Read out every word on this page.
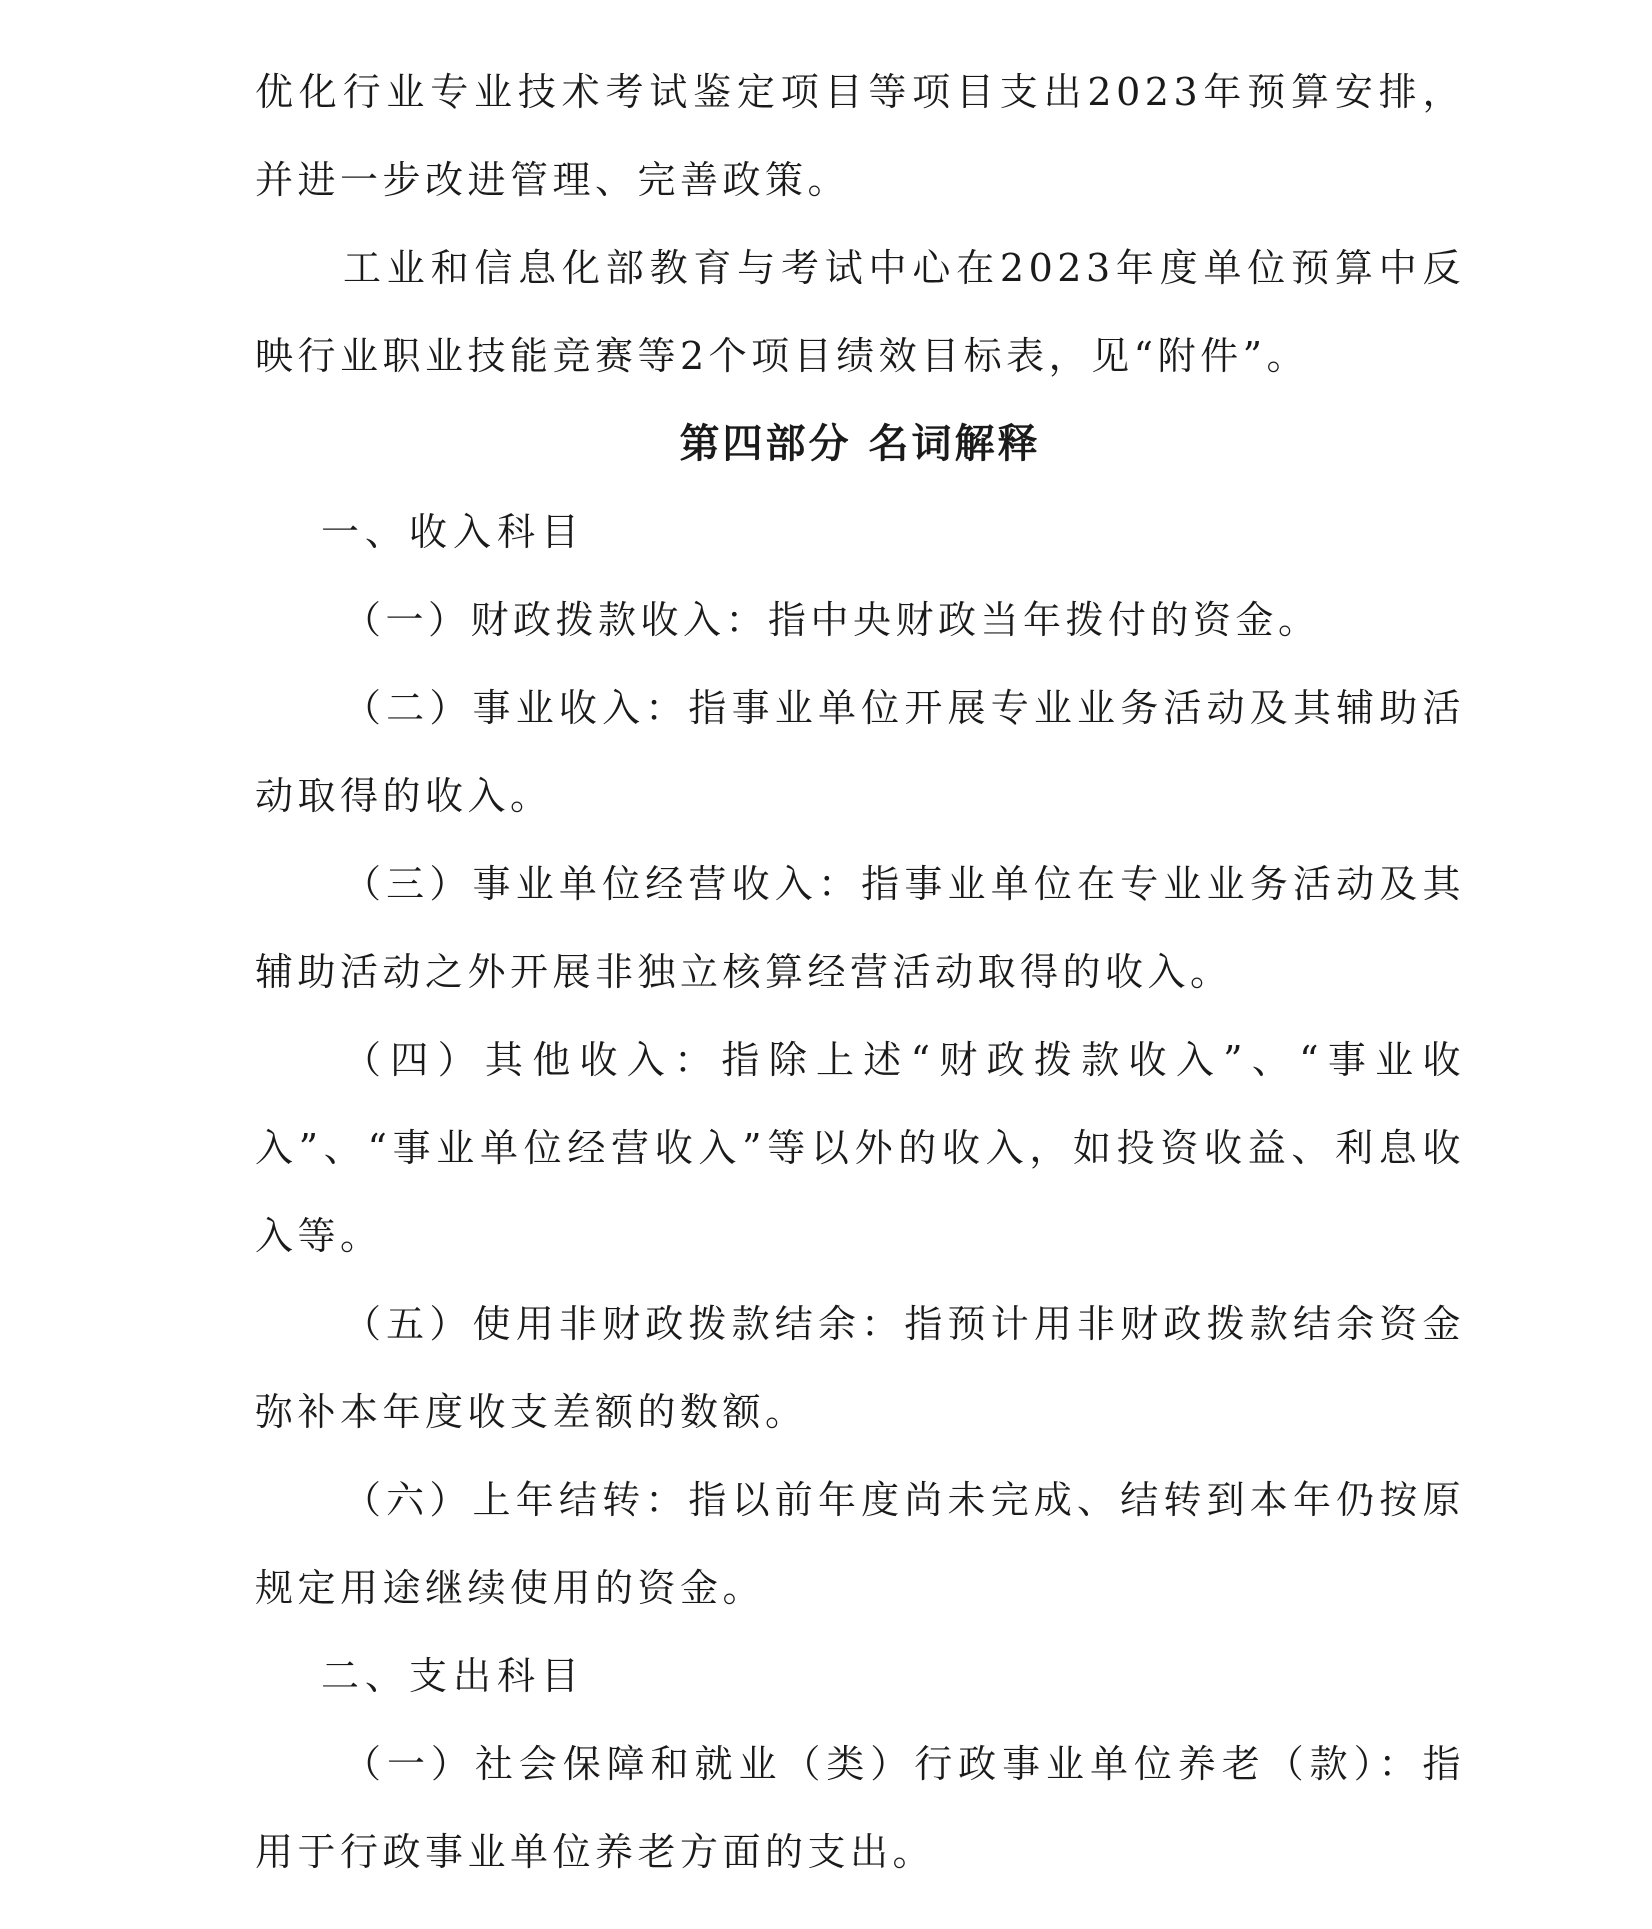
优化行业专业技术考试鉴定项目等项目支出2023年预算安排，并进一步改进管理、完善政策。

工业和信息化部教育与考试中心在2023年度单位预算中反映行业职业技能竞赛等2个项目绩效目标表，见“附件”。

第四部分 名词解释

一、收入科目

（一）财政拨款收入：指中央财政当年拨付的资金。

（二）事业收入：指事业单位开展专业业务活动及其辅助活动取得的收入。

（三）事业单位经营收入：指事业单位在专业业务活动及其辅助活动之外开展非独立核算经营活动取得的收入。

（四）其他收入：指除上述“财政拨款收入”、“事业收入”、“事业单位经营收入”等以外的收入，如投资收益、利息收入等。

（五）使用非财政拨款结余：指预计用非财政拨款结余资金弥补本年度收支差额的数额。

（六）上年结转：指以前年度尚未完成、结转到本年仍按原规定用途继续使用的资金。

二、支出科目

（一）社会保障和就业（类）行政事业单位养老（款）：指用于行政事业单位养老方面的支出。
